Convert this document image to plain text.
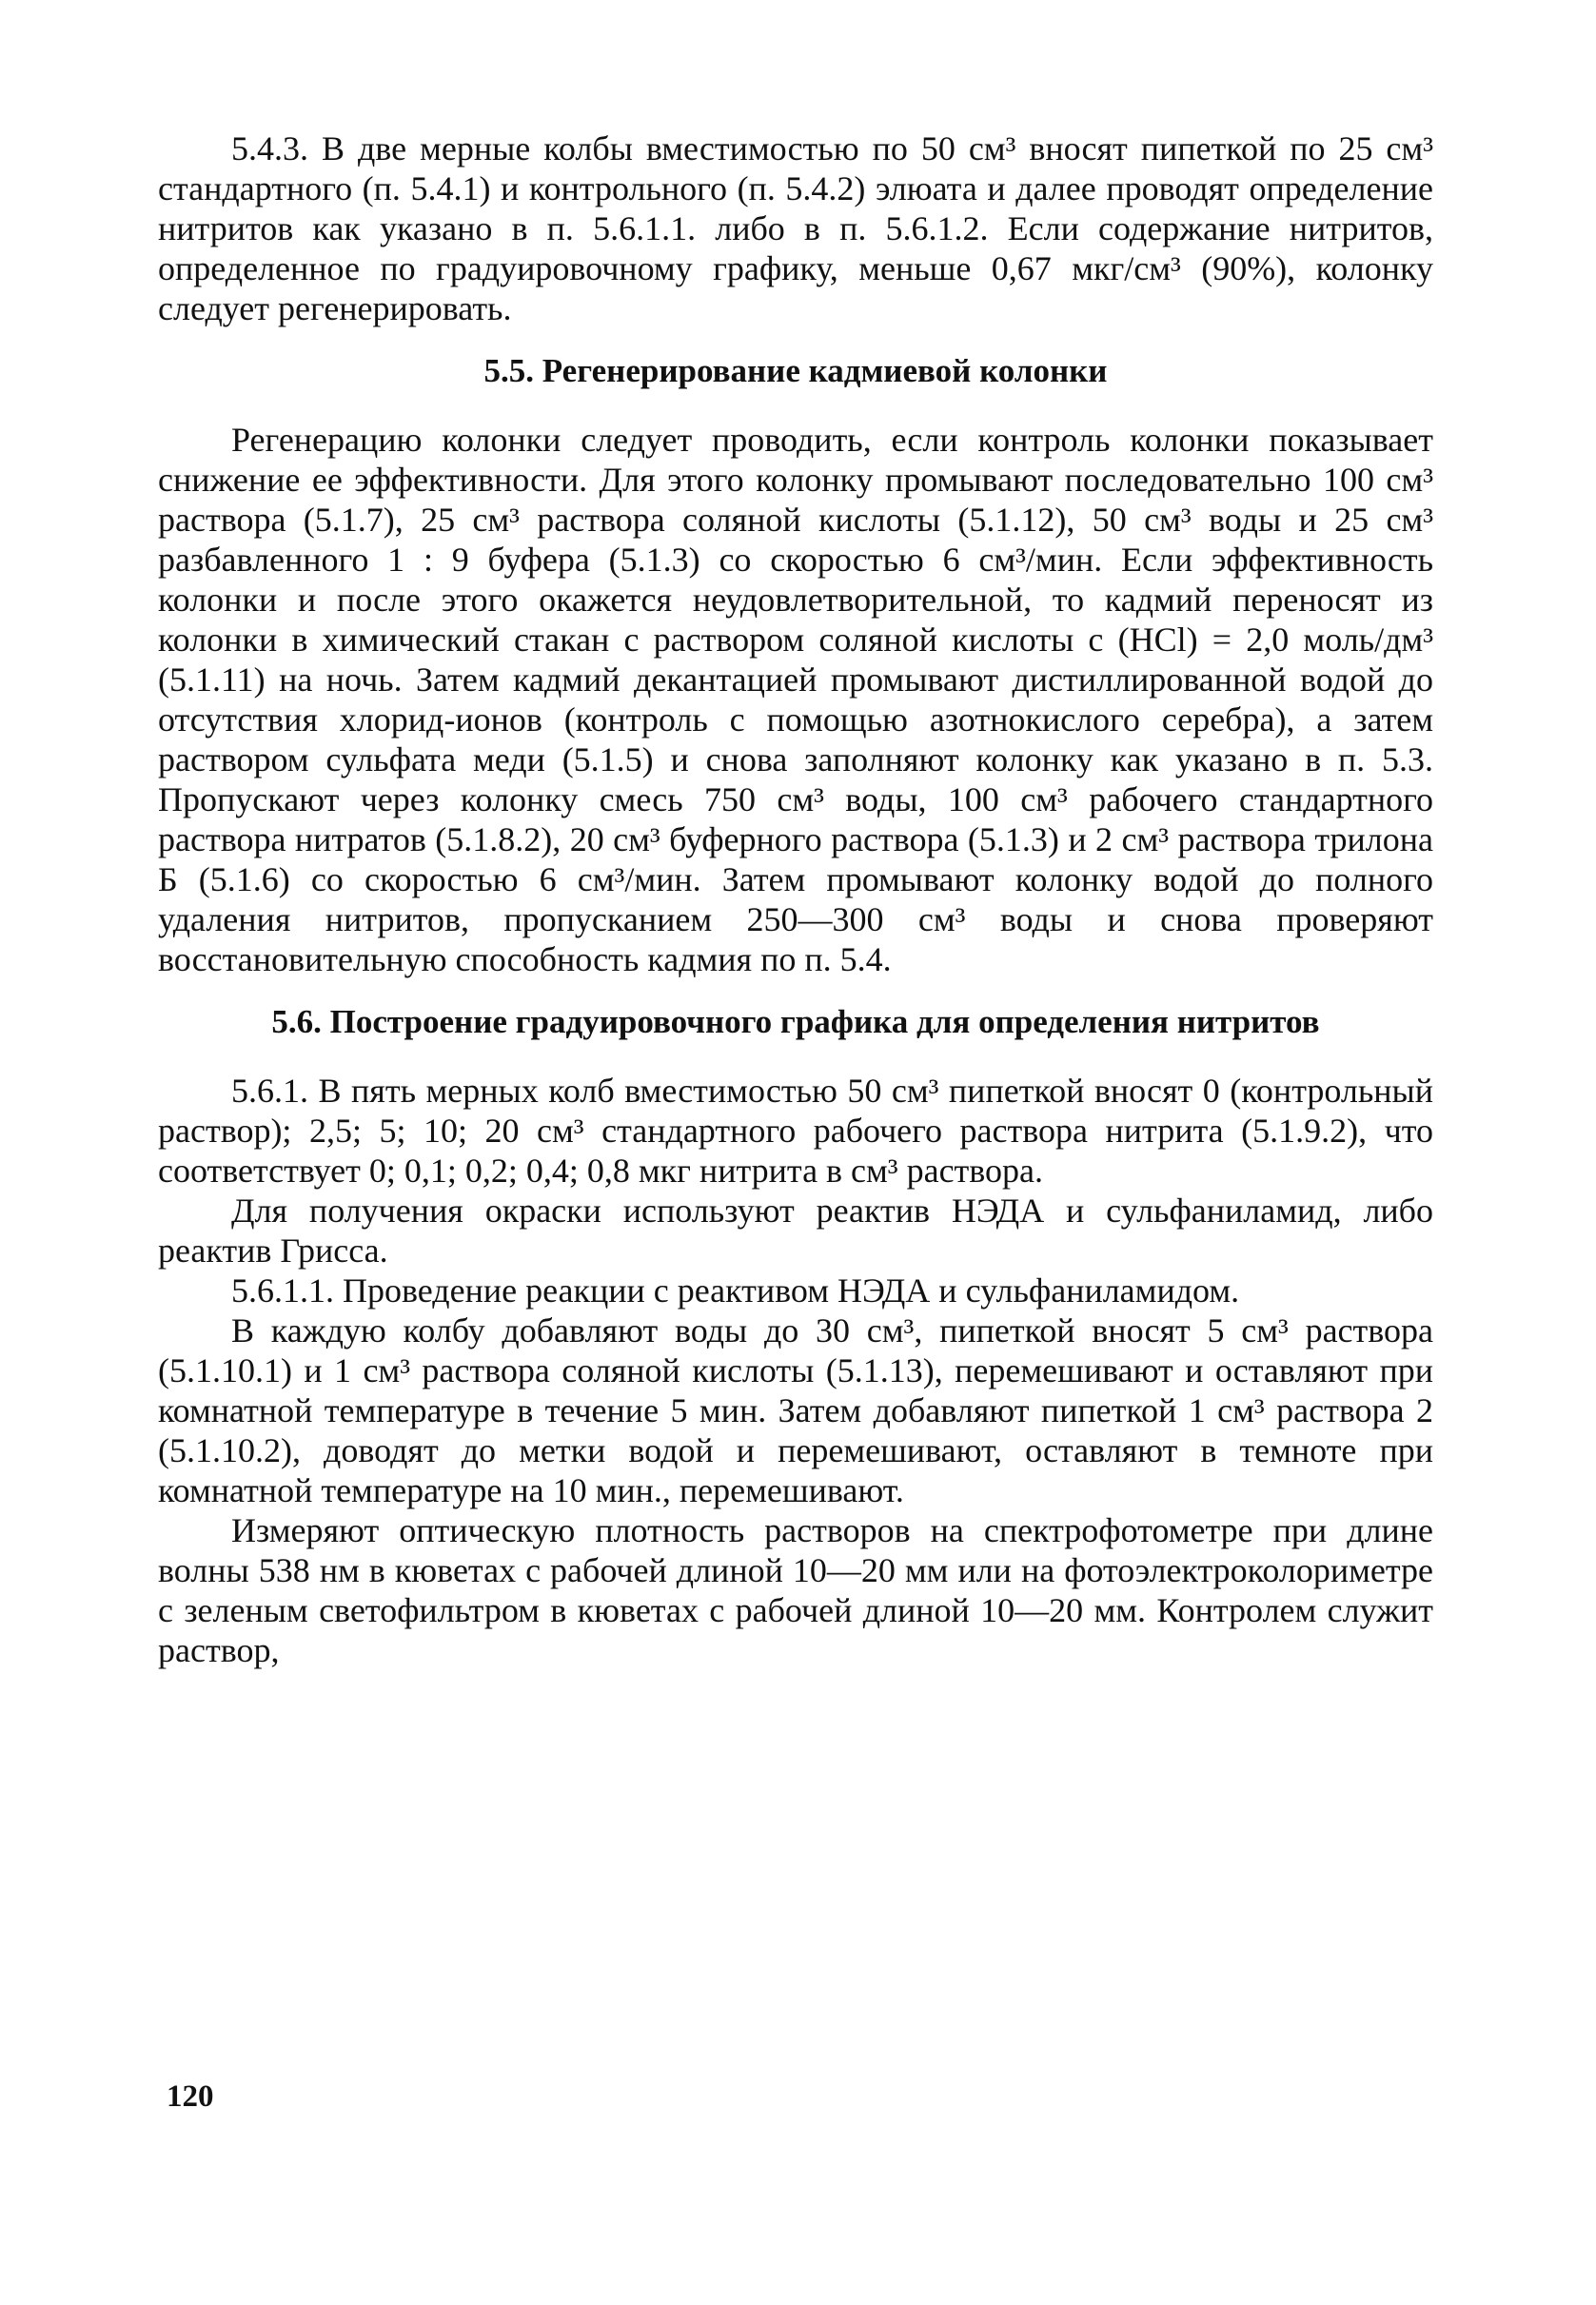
5.4.3. В две мерные колбы вместимостью по 50 см³ вносят пипеткой по 25 см³ стандартного (п. 5.4.1) и контрольного (п. 5.4.2) элюата и далее проводят определение нитритов как указано в п. 5.6.1.1. либо в п. 5.6.1.2. Если содержание нитритов, определенное по градуировочному графику, меньше 0,67 мкг/см³ (90%), колонку следует регенерировать.

5.5. Регенерирование кадмиевой колонки

Регенерацию колонки следует проводить, если контроль колонки показывает снижение ее эффективности. Для этого колонку промывают последовательно 100 см³ раствора (5.1.7), 25 см³ раствора соляной кислоты (5.1.12), 50 см³ воды и 25 см³ разбавленного 1 : 9 буфера (5.1.3) со скоростью 6 см³/мин. Если эффективность колонки и после этого окажется неудовлетворительной, то кадмий переносят из колонки в химический стакан с раствором соляной кислоты с (HCl) = 2,0 моль/дм³ (5.1.11) на ночь. Затем кадмий декантацией промывают дистиллированной водой до отсутствия хлорид-ионов (контроль с помощью азотнокислого серебра), а затем раствором сульфата меди (5.1.5) и снова заполняют колонку как указано в п. 5.3. Пропускают через колонку смесь 750 см³ воды, 100 см³ рабочего стандартного раствора нитратов (5.1.8.2), 20 см³ буферного раствора (5.1.3) и 2 см³ раствора трилона Б (5.1.6) со скоростью 6 см³/мин. Затем промывают колонку водой до полного удаления нитритов, пропусканием 250—300 см³ воды и снова проверяют восстановительную способность кадмия по п. 5.4.

5.6. Построение градуировочного графика для определения нитритов

5.6.1. В пять мерных колб вместимостью 50 см³ пипеткой вносят 0 (контрольный раствор); 2,5; 5; 10; 20 см³ стандартного рабочего раствора нитрита (5.1.9.2), что соответствует 0; 0,1; 0,2; 0,4; 0,8 мкг нитрита в см³ раствора.

Для получения окраски используют реактив НЭДА и сульфаниламид, либо реактив Грисса.

5.6.1.1. Проведение реакции с реактивом НЭДА и сульфаниламидом.

В каждую колбу добавляют воды до 30 см³, пипеткой вносят 5 см³ раствора (5.1.10.1) и 1 см³ раствора соляной кислоты (5.1.13), перемешивают и оставляют при комнатной температуре в течение 5 мин. Затем добавляют пипеткой 1 см³ раствора 2 (5.1.10.2), доводят до метки водой и перемешивают, оставляют в темноте при комнатной температуре на 10 мин., перемешивают.

Измеряют оптическую плотность растворов на спектрофотометре при длине волны 538 нм в кюветах с рабочей длиной 10—20 мм или на фотоэлектроколориметре с зеленым светофильтром в кюветах с рабочей длиной 10—20 мм. Контролем служит раствор,

120
